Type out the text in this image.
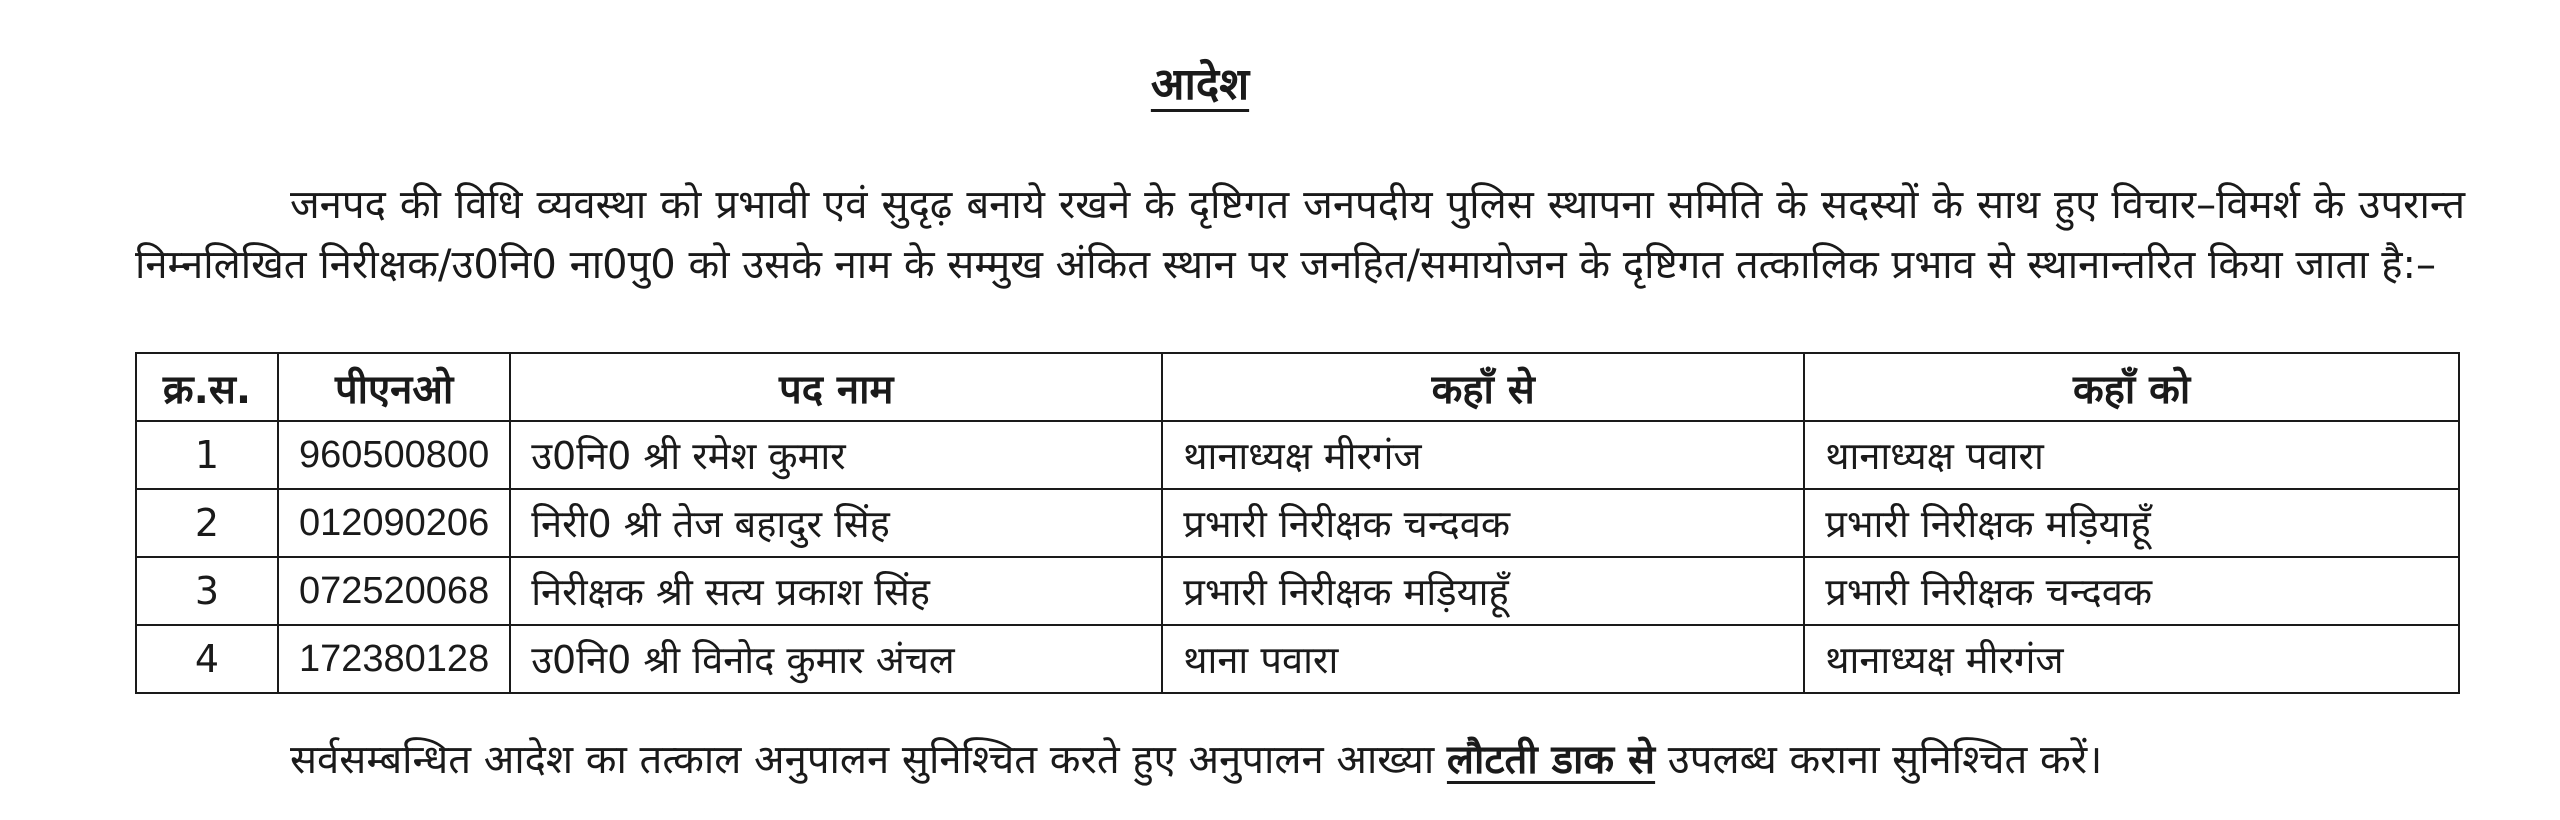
आदेश

जनपद की विधि व्यवस्था को प्रभावी एवं सुदृढ़ बनाये रखने के दृष्टिगत जनपदीय पुलिस स्थापना समिति के सदस्यों के साथ हुए विचार–विमर्श के उपरान्त निम्नलिखित निरीक्षक/उ0नि0 ना0पु0 को उसके नाम के सम्मुख अंकित स्थान पर जनहित/समायोजन के दृष्टिगत तत्कालिक प्रभाव से स्थानान्तरित किया जाता है:–

क्र.स.	पीएनओ	पद नाम	कहाँ से	कहाँ को
1	960500800	उ0नि0 श्री रमेश कुमार	थानाध्यक्ष मीरगंज	थानाध्यक्ष पवारा
2	012090206	निरी0 श्री तेज बहादुर सिंह	प्रभारी निरीक्षक चन्दवक	प्रभारी निरीक्षक मड़ियाहूँ
3	072520068	निरीक्षक श्री सत्य प्रकाश सिंह	प्रभारी निरीक्षक मड़ियाहूँ	प्रभारी निरीक्षक चन्दवक
4	172380128	उ0नि0 श्री विनोद कुमार अंचल	थाना पवारा	थानाध्यक्ष मीरगंज
सर्वसम्बन्धित आदेश का तत्काल अनुपालन सुनिश्चित करते हुए अनुपालन आख्या लौटती डाक से उपलब्ध कराना सुनिश्चित करें।
